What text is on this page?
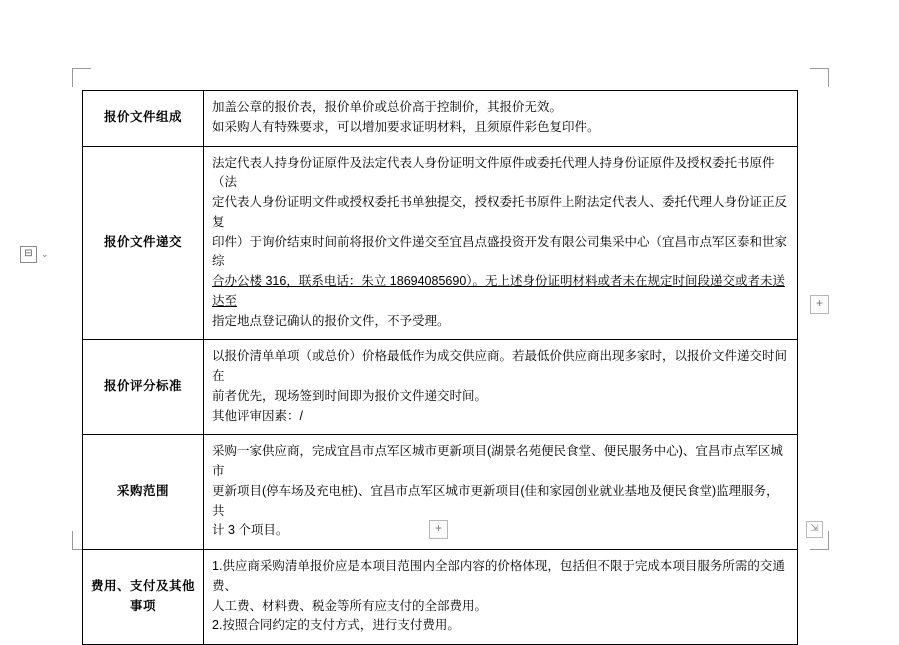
⊟ ⌄
报价文件组成	加盖公章的报价表，报价单价或总价高于控制价，其报价无效。

如采购人有特殊要求，可以增加要求证明材料，且须原件彩色复印件。

报价文件递交	法定代表人持身份证原件及法定代表人身份证明文件原件或委托代理人持身份证原件及授权委托书原件（法

定代表人身份证明文件或授权委托书单独提交，授权委托书原件上附法定代表人、委托代理人身份证正反复

印件）于询价结束时间前将报价文件递交至宜昌点盛投资开发有限公司集采中心（宜昌市点军区泰和世家综

合办公楼 316，联系电话：朱立 18694085690）。无上述身份证明材料或者未在规定时间段递交或者未送达至

指定地点登记确认的报价文件，不予受理。

报价评分标准	以报价清单单项（或总价）价格最低作为成交供应商。若最低价供应商出现多家时，以报价文件递交时间在

前者优先，现场签到时间即为报价文件递交时间。

其他评审因素：/

采购范围	采购一家供应商，完成宜昌市点军区城市更新项目(湖景名苑便民食堂、便民服务中心)、宜昌市点军区城市

更新项目(停车场及充电桩)、宜昌市点军区城市更新项目(佳和家园创业就业基地及便民食堂)监理服务，共

计 3 个项目。

费用、支付及其他事项	1.供应商采购清单报价应是本项目范围内全部内容的价格体现，包括但不限于完成本项目服务所需的交通费、

人工费、材料费、税金等所有应支付的全部费用。

2.按照合同约定的支付方式，进行支付费用。

+
+	⇲
